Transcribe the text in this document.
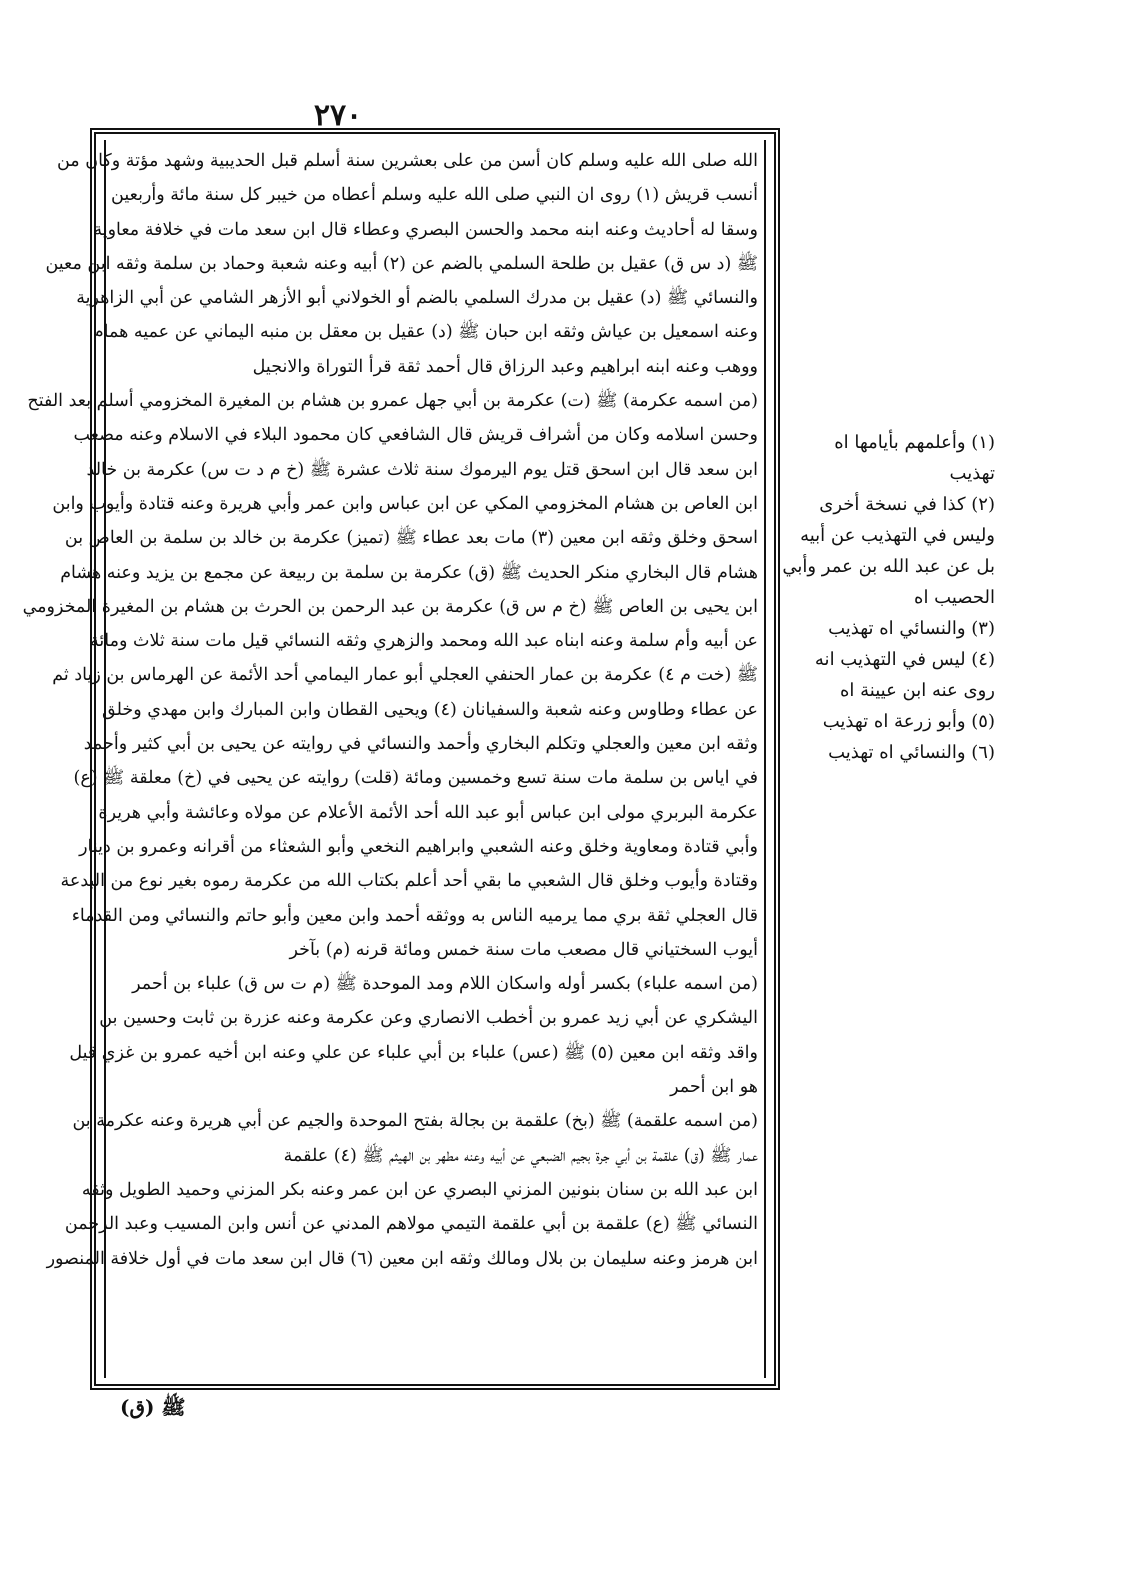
٢٧٠
الله صلى الله عليه وسلم كان أسن من على بعشرين سنة أسلم قبل الحديبية وشهد مؤتة وكان من
أنسب قريش (١) روى ان النبي صلى الله عليه وسلم أعطاه من خيبر كل سنة مائة وأربعين
وسقا له أحاديث وعنه ابنه محمد والحسن البصري وعطاء قال ابن سعد مات في خلافة معاوية
ﷺ (د س ق) عقيل بن طلحة السلمي بالضم عن (٢) أبيه وعنه شعبة وحماد بن سلمة وثقه ابن معين
والنسائي ﷺ (د) عقيل بن مدرك السلمي بالضم أو الخولاني أبو الأزهر الشامي عن أبي الزاهرية
وعنه اسمعيل بن عياش وثقه ابن حبان ﷺ (د) عقيل بن معقل بن منبه اليماني عن عميه همام
ووهب وعنه ابنه ابراهيم وعبد الرزاق قال أحمد ثقة قرأ التوراة والانجيل
(من اسمه عكرمة) ﷺ (ت) عكرمة بن أبي جهل عمرو بن هشام بن المغيرة المخزومي أسلم بعد الفتح
وحسن اسلامه وكان من أشراف قريش قال الشافعي كان محمود البلاء في الاسلام وعنه مصعب
ابن سعد قال ابن اسحق قتل يوم اليرموك سنة ثلاث عشرة ﷺ (خ م د ت س) عكرمة بن خالد
ابن العاص بن هشام المخزومي المكي عن ابن عباس وابن عمر وأبي هريرة وعنه قتادة وأيوب وابن
اسحق وخلق وثقه ابن معين (٣) مات بعد عطاء ﷺ (تميز) عكرمة بن خالد بن سلمة بن العاص بن
هشام قال البخاري منكر الحديث ﷺ (ق) عكرمة بن سلمة بن ربيعة عن مجمع بن يزيد وعنه هشام
ابن يحيى بن العاص ﷺ (خ م س ق) عكرمة بن عبد الرحمن بن الحرث بن هشام بن المغيرة المخزومي
عن أبيه وأم سلمة وعنه ابناه عبد الله ومحمد والزهري وثقه النسائي قيل مات سنة ثلاث ومائة
ﷺ (خت م ٤) عكرمة بن عمار الحنفي العجلي أبو عمار اليمامي أحد الأئمة عن الهرماس بن زياد ثم
عن عطاء وطاوس وعنه شعبة والسفيانان (٤) ويحيى القطان وابن المبارك وابن مهدي وخلق
وثقه ابن معين والعجلي وتكلم البخاري وأحمد والنسائي في روايته عن يحيى بن أبي كثير وأحمد
في اياس بن سلمة مات سنة تسع وخمسين ومائة (قلت) روايته عن يحيى في (خ) معلقة ﷺ (ع)
عكرمة البربري مولى ابن عباس أبو عبد الله أحد الأئمة الأعلام عن مولاه وعائشة وأبي هريرة
وأبي قتادة ومعاوية وخلق وعنه الشعبي وابراهيم النخعي وأبو الشعثاء من أقرانه وعمرو بن دينار
وقتادة وأيوب وخلق قال الشعبي ما بقي أحد أعلم بكتاب الله من عكرمة رموه بغير نوع من البدعة
قال العجلي ثقة بري مما يرميه الناس به ووثقه أحمد وابن معين وأبو حاتم والنسائي ومن القدماء
أيوب السختياني قال مصعب مات سنة خمس ومائة قرنه (م) بآخر
(من اسمه علباء) بكسر أوله واسكان اللام ومد الموحدة ﷺ (م ت س ق) علباء بن أحمر
اليشكري عن أبي زيد عمرو بن أخطب الانصاري وعن عكرمة وعنه عزرة بن ثابت وحسين بن
واقد وثقه ابن معين (٥) ﷺ (عس) علباء بن أبي علباء عن علي وعنه ابن أخيه عمرو بن غزي قيل
هو ابن أحمر
(من اسمه علقمة) ﷺ (بخ) علقمة بن بجالة بفتح الموحدة والجيم عن أبي هريرة وعنه عكرمة بن
عمار ﷺ (ق) علقمة بن أبي جرة بجيم الضبعي عن أبيه وعنه مطهر بن الهيثم ﷺ (٤) علقمة
ابن عبد الله بن سنان بنونين المزني البصري عن ابن عمر وعنه بكر المزني وحميد الطويل وثقه
النسائي ﷺ (ع) علقمة بن أبي علقمة التيمي مولاهم المدني عن أنس وابن المسيب وعبد الرحمن
ابن هرمز وعنه سليمان بن بلال ومالك وثقه ابن معين (٦) قال ابن سعد مات في أول خلافة المنصور
(١) وأعلمهم بأيامها اه
تهذيب
(٢) كذا في نسخة أخرى
وليس في التهذيب عن أبيه
بل عن عبد الله بن عمر وأبي
الحصيب اه
(٣) والنسائي اه تهذيب
(٤) ليس في التهذيب انه
روى عنه ابن عيينة اه
(٥) وأبو زرعة اه تهذيب
(٦) والنسائي اه تهذيب
ﷺ (ق)
